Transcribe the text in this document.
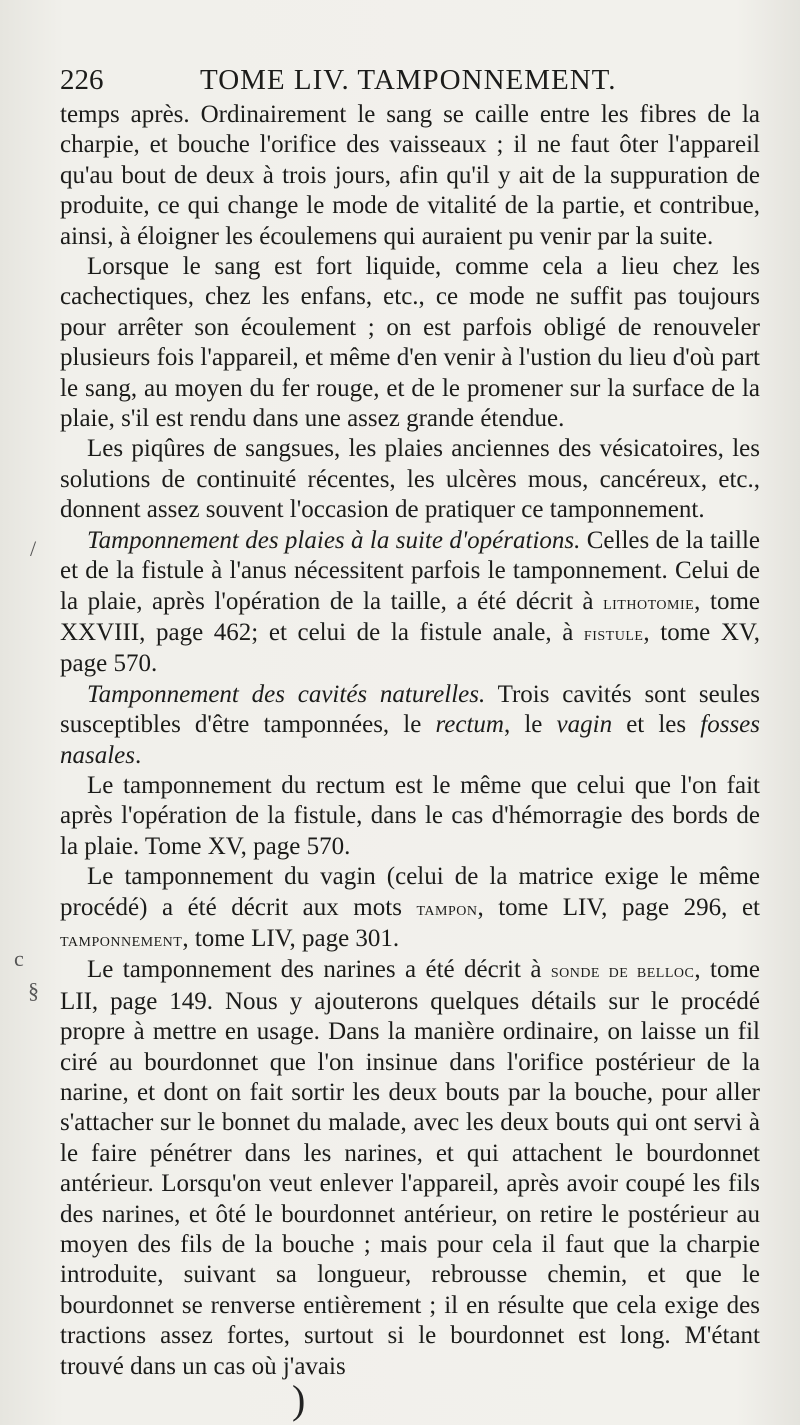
226	TOME LIV. TAMPONNEMENT.

temps après. Ordinairement le sang se caille entre les fibres de la charpie, et bouche l'orifice des vaisseaux ; il ne faut ôter l'appareil qu'au bout de deux à trois jours, afin qu'il y ait de la suppuration de produite, ce qui change le mode de vitalité de la partie, et contribue, ainsi, à éloigner les écoulemens qui auraient pu venir par la suite.

Lorsque le sang est fort liquide, comme cela a lieu chez les cachectiques, chez les enfans, etc., ce mode ne suffit pas toujours pour arrêter son écoulement ; on est parfois obligé de renouveler plusieurs fois l'appareil, et même d'en venir à l'ustion du lieu d'où part le sang, au moyen du fer rouge, et de le promener sur la surface de la plaie, s'il est rendu dans une assez grande étendue.

Les piqûres de sangsues, les plaies anciennes des vésicatoires, les solutions de continuité récentes, les ulcères mous, cancéreux, etc., donnent assez souvent l'occasion de pratiquer ce tamponnement.

Tamponnement des plaies à la suite d'opérations. Celles de la taille et de la fistule à l'anus nécessitent parfois le tamponnement. Celui de la plaie, après l'opération de la taille, a été décrit à lithotomie, tome XXVIII, page 462; et celui de la fistule anale, à fistule, tome XV, page 570.

Tamponnement des cavités naturelles. Trois cavités sont seules susceptibles d'être tamponnées, le rectum, le vagin et les fosses nasales.

Le tamponnement du rectum est le même que celui que l'on fait après l'opération de la fistule, dans le cas d'hémorragie des bords de la plaie. Tome XV, page 570.

Le tamponnement du vagin (celui de la matrice exige le même procédé) a été décrit aux mots tampon, tome LIV, page 296, et tamponnement, tome LIV, page 301.

Le tamponnement des narines a été décrit à sonde de belloc, tome LII, page 149. Nous y ajouterons quelques détails sur le procédé propre à mettre en usage. Dans la manière ordinaire, on laisse un fil ciré au bourdonnet que l'on insinue dans l'orifice postérieur de la narine, et dont on fait sortir les deux bouts par la bouche, pour aller s'attacher sur le bonnet du malade, avec les deux bouts qui ont servi à le faire pénétrer dans les narines, et qui attachent le bourdonnet antérieur. Lorsqu'on veut enlever l'appareil, après avoir coupé les fils des narines, et ôté le bourdonnet antérieur, on retire le postérieur au moyen des fils de la bouche ; mais pour cela il faut que la charpie introduite, suivant sa longueur, rebrousse chemin, et que le bourdonnet se renverse entièrement ; il en résulte que cela exige des tractions assez fortes, surtout si le bourdonnet est long. M'étant trouvé dans un cas où j'avais

/
c
§
)
